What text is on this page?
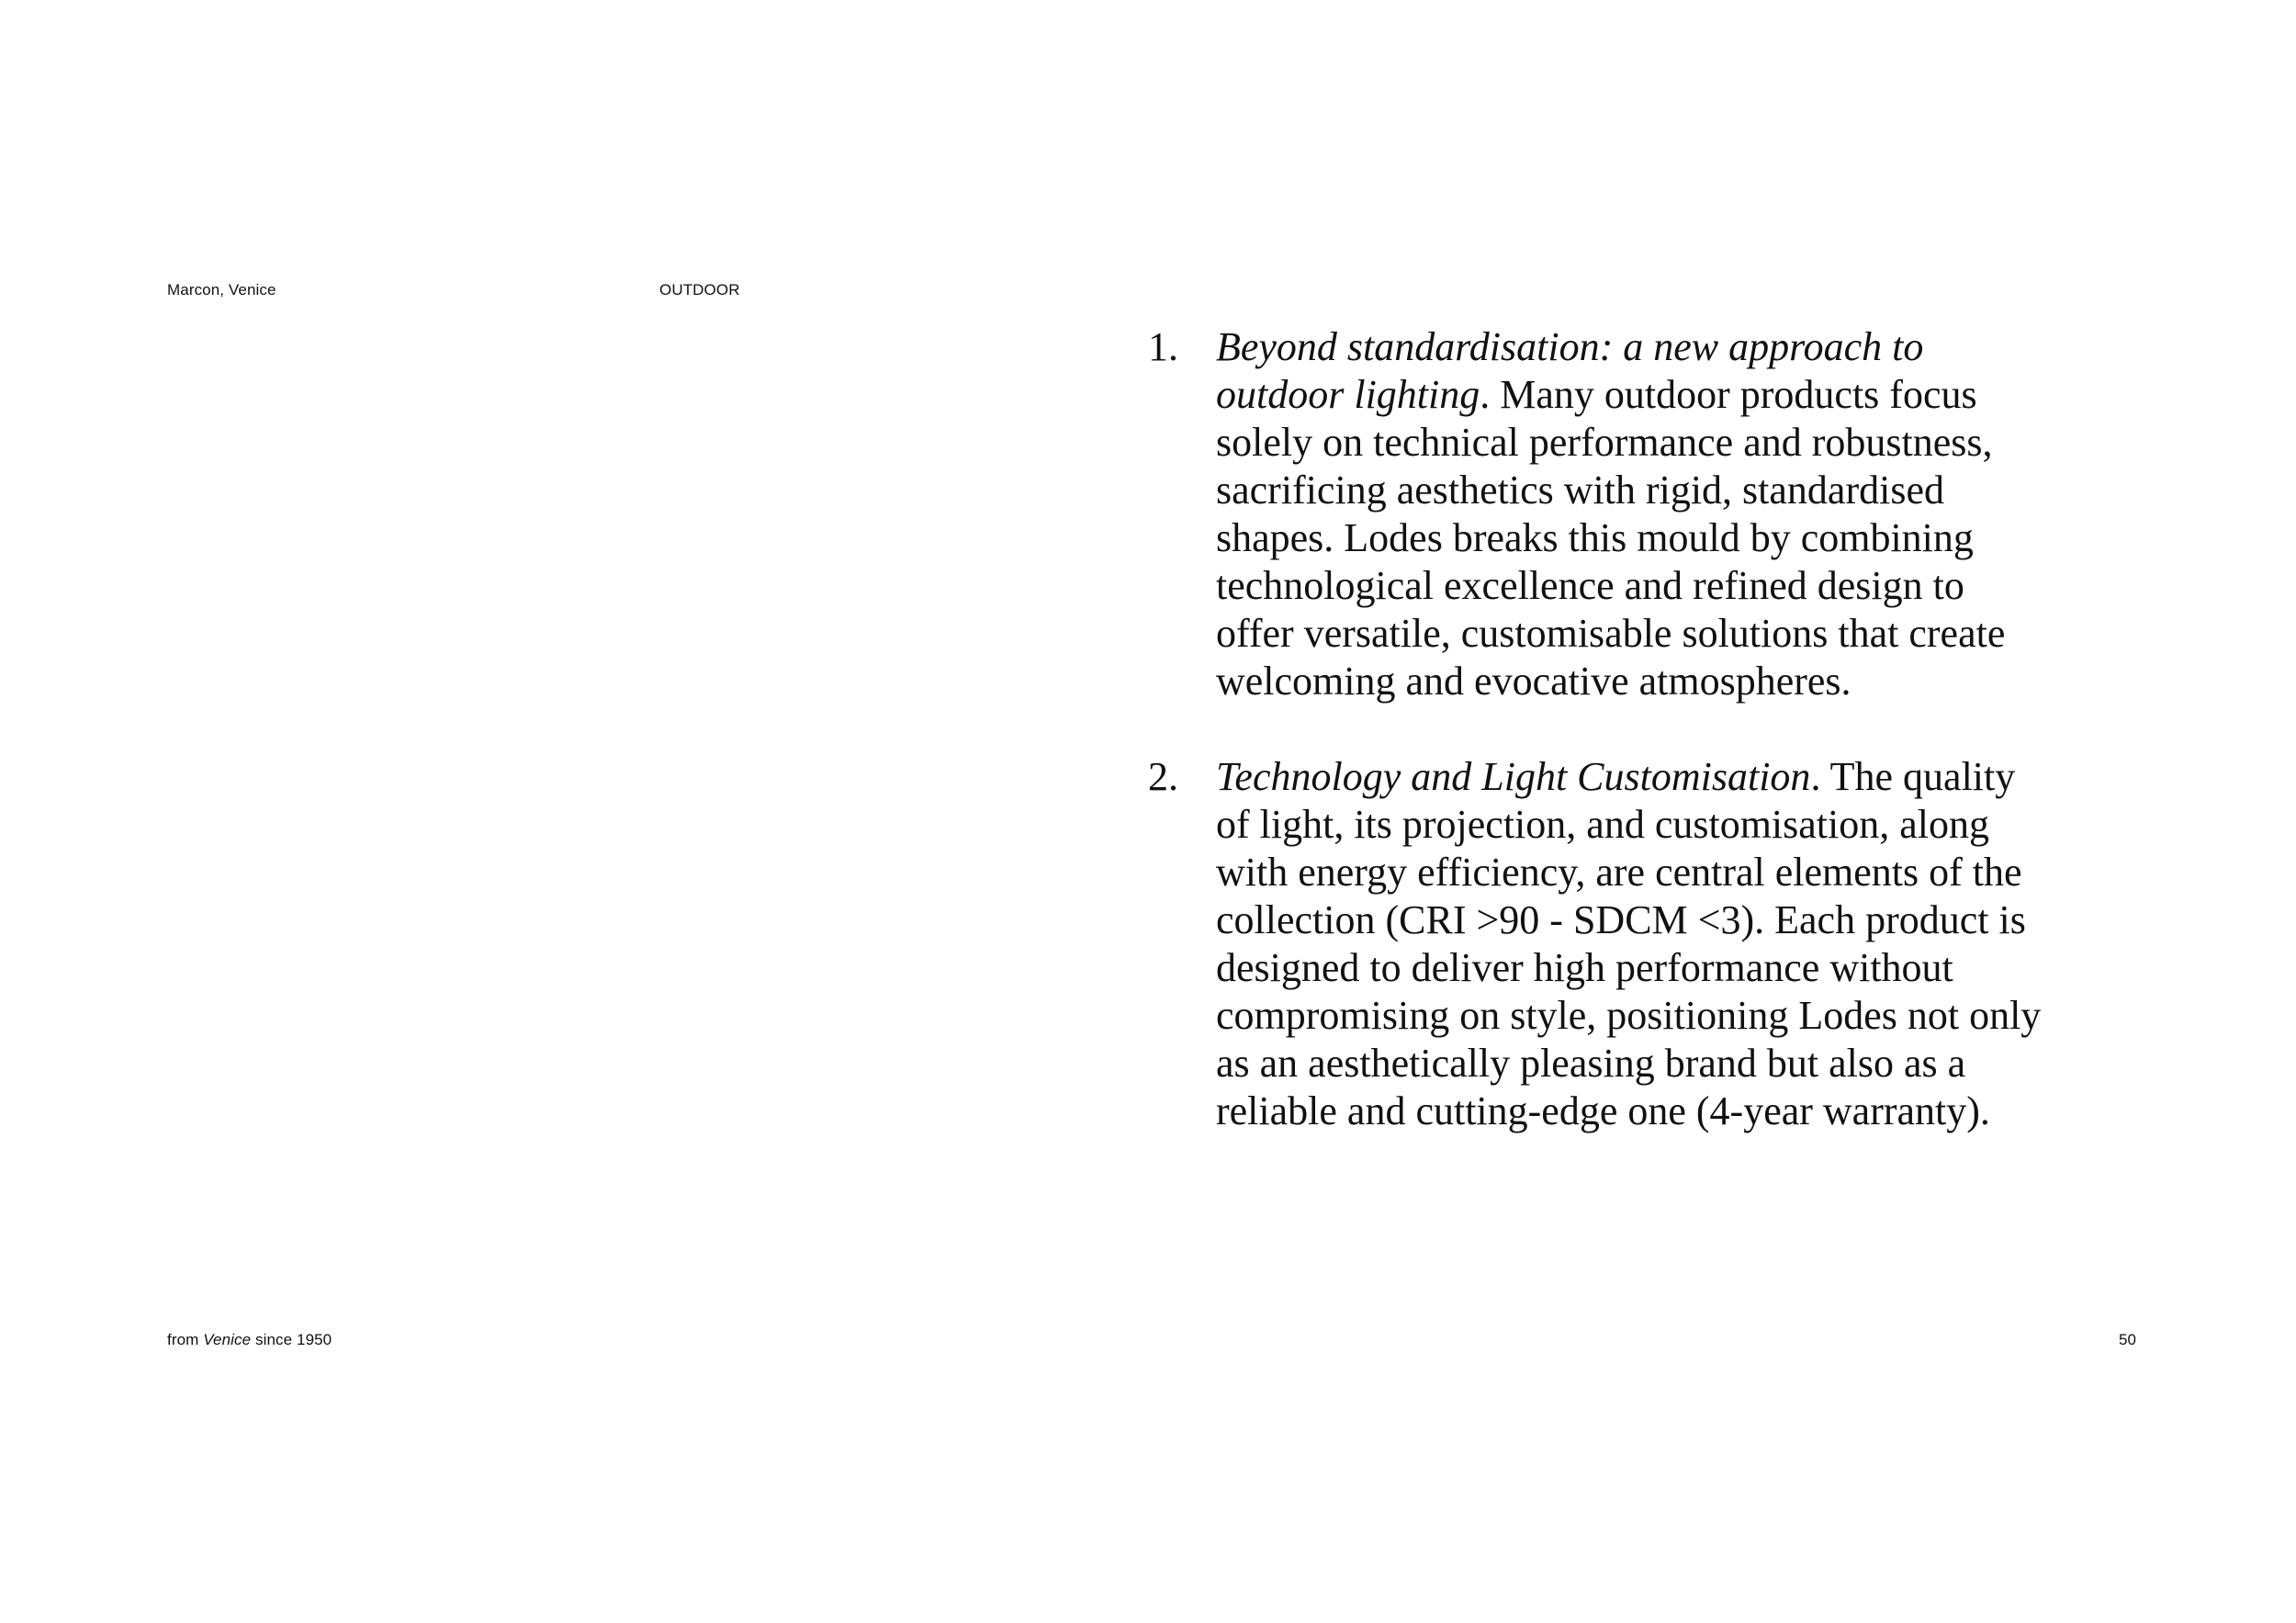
Marcon, Venice	OUTDOOR
1. Beyond standardisation: a new approach to
outdoor lighting. Many outdoor products focus
solely on technical performance and robustness,
sacrificing aesthetics with rigid, standardised
shapes. Lodes breaks this mould by combining
technological excellence and refined design to
offer versatile, customisable solutions that create
welcoming and evocative atmospheres.
2. Technology and Light Customisation. The quality
of light, its projection, and customisation, along
with energy efficiency, are central elements of the
collection (CRI >90 - SDCM <3). Each product is
designed to deliver high performance without
compromising on style, positioning Lodes not only
as an aesthetically pleasing brand but also as a
reliable and cutting-edge one (4-year warranty).
from Venice since 1950	50
